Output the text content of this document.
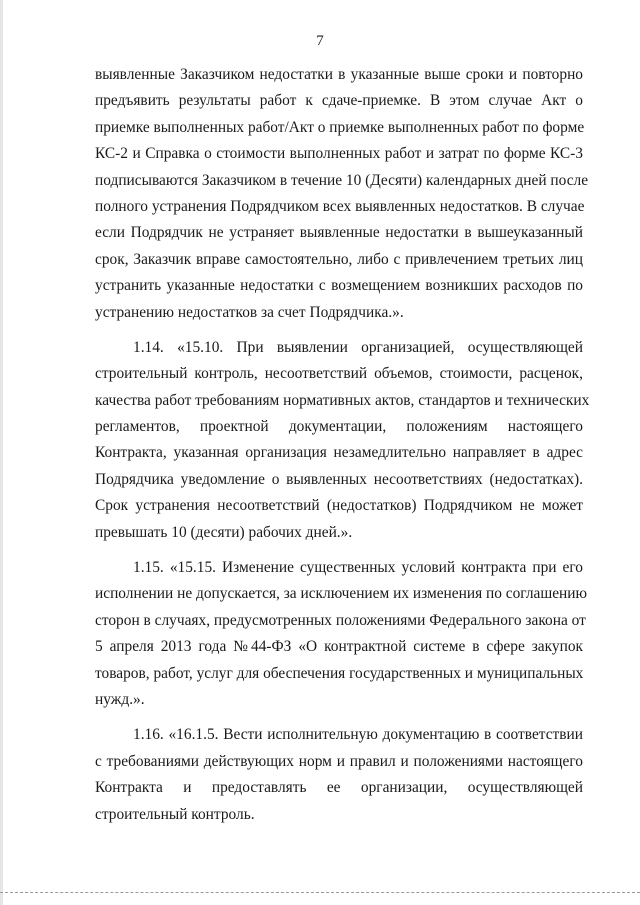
7
выявленные Заказчиком недостатки в указанные выше сроки и повторно
предъявить результаты работ к сдаче-приемке. В этом случае Акт о
приемке выполненных работ/Акт о приемке выполненных работ по форме
КС-2 и Справка о стоимости выполненных работ и затрат по форме КС-3
подписываются Заказчиком в течение 10 (Десяти) календарных дней после
полного устранения Подрядчиком всех выявленных недостатков. В случае
если Подрядчик не устраняет выявленные недостатки в вышеуказанный
срок, Заказчик вправе самостоятельно, либо с привлечением третьих лиц
устранить указанные недостатки с возмещением возникших расходов по
устранению недостатков за счет Подрядчика.».
1.14. «15.10. При выявлении организацией, осуществляющей
строительный контроль, несоответствий объемов, стоимости, расценок,
качества работ требованиям нормативных актов, стандартов и технических
регламентов, проектной документации, положениям настоящего
Контракта, указанная организация незамедлительно направляет в адрес
Подрядчика уведомление о выявленных несоответствиях (недостатках).
Срок устранения несоответствий (недостатков) Подрядчиком не может
превышать 10 (десяти) рабочих дней.».
1.15. «15.15. Изменение существенных условий контракта при его
исполнении не допускается, за исключением их изменения по соглашению
сторон в случаях, предусмотренных положениями Федерального закона от
5 апреля 2013 года №44-ФЗ «О контрактной системе в сфере закупок
товаров, работ, услуг для обеспечения государственных и муниципальных
нужд.».
1.16. «16.1.5. Вести исполнительную документацию в соответствии
с требованиями действующих норм и правил и положениями настоящего
Контракта и предоставлять ее организации, осуществляющей
строительный контроль.
